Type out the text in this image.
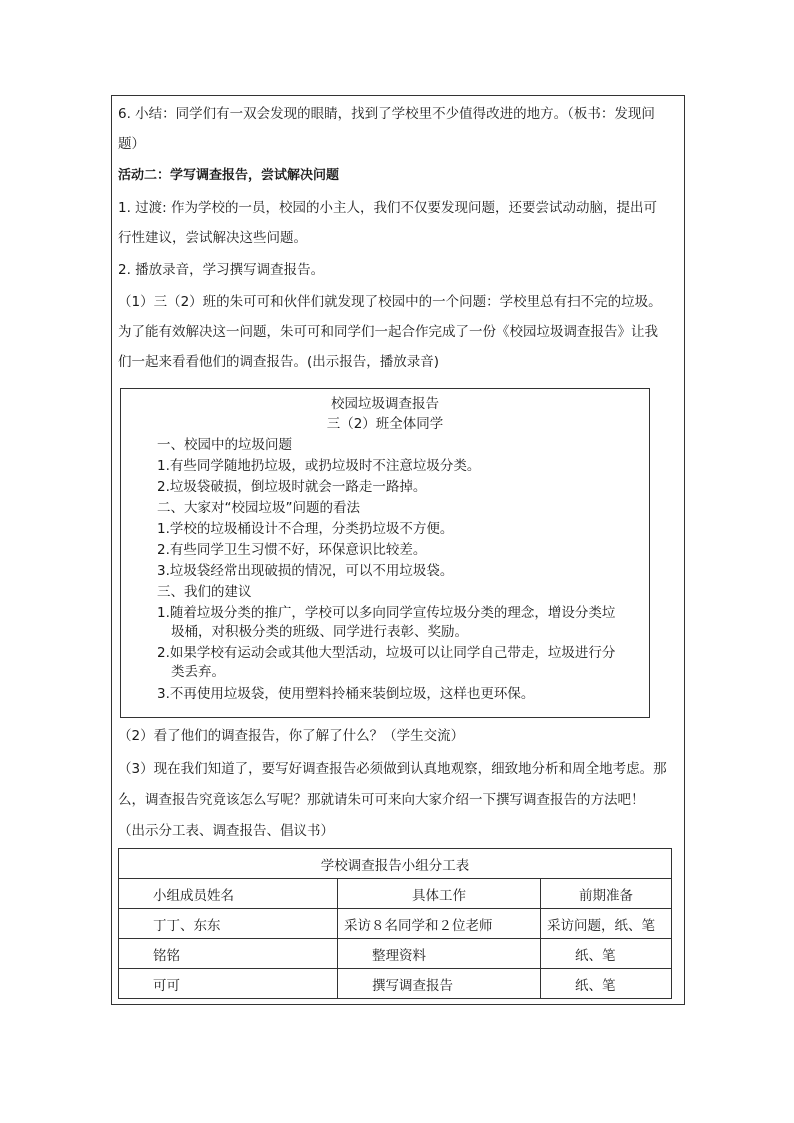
6. 小结：同学们有一双会发现的眼睛，找到了学校里不少值得改进的地方。（板书：发现问
题）
活动二：学写调查报告，尝试解决问题
1. 过渡: 作为学校的一员，校园的小主人，我们不仅要发现问题，还要尝试动动脑，提出可
行性建议，尝试解决这些问题。
2. 播放录音，学习撰写调查报告。
（1）三（2）班的朱可可和伙伴们就发现了校园中的一个问题：学校里总有扫不完的垃圾。
为了能有效解决这一问题，朱可可和同学们一起合作完成了一份《校园垃圾调查报告》让我
们一起来看看他们的调查报告。(出示报告，播放录音)
校园垃圾调查报告
三（2）班全体同学
一、校园中的垃圾问题
1.有些同学随地扔垃圾，或扔垃圾时不注意垃圾分类。
2.垃圾袋破损，倒垃圾时就会一路走一路掉。
二、大家对“校园垃圾”问题的看法
1.学校的垃圾桶设计不合理，分类扔垃圾不方便。
2.有些同学卫生习惯不好，环保意识比较差。
3.垃圾袋经常出现破损的情况，可以不用垃圾袋。
三、我们的建议
1.随着垃圾分类的推广，学校可以多向同学宣传垃圾分类的理念，增设分类垃
圾桶，对积极分类的班级、同学进行表彰、奖励。
2.如果学校有运动会或其他大型活动，垃圾可以让同学自己带走，垃圾进行分
类丢弃。
3.不再使用垃圾袋，使用塑料拎桶来装倒垃圾，这样也更环保。
（2）看了他们的调查报告，你了解了什么？（学生交流）
（3）现在我们知道了，要写好调查报告必须做到认真地观察，细致地分析和周全地考虑。那
么，调查报告究竟该怎么写呢？那就请朱可可来向大家介绍一下撰写调查报告的方法吧！
（出示分工表、调查报告、倡议书）
学校调查报告小组分工表		
小组成员姓名	具体工作	前期准备
丁丁、东东	采访８名同学和２位老师	采访问题，纸、笔
铭铭	整理资料	纸、笔
可可	撰写调查报告	纸、笔
